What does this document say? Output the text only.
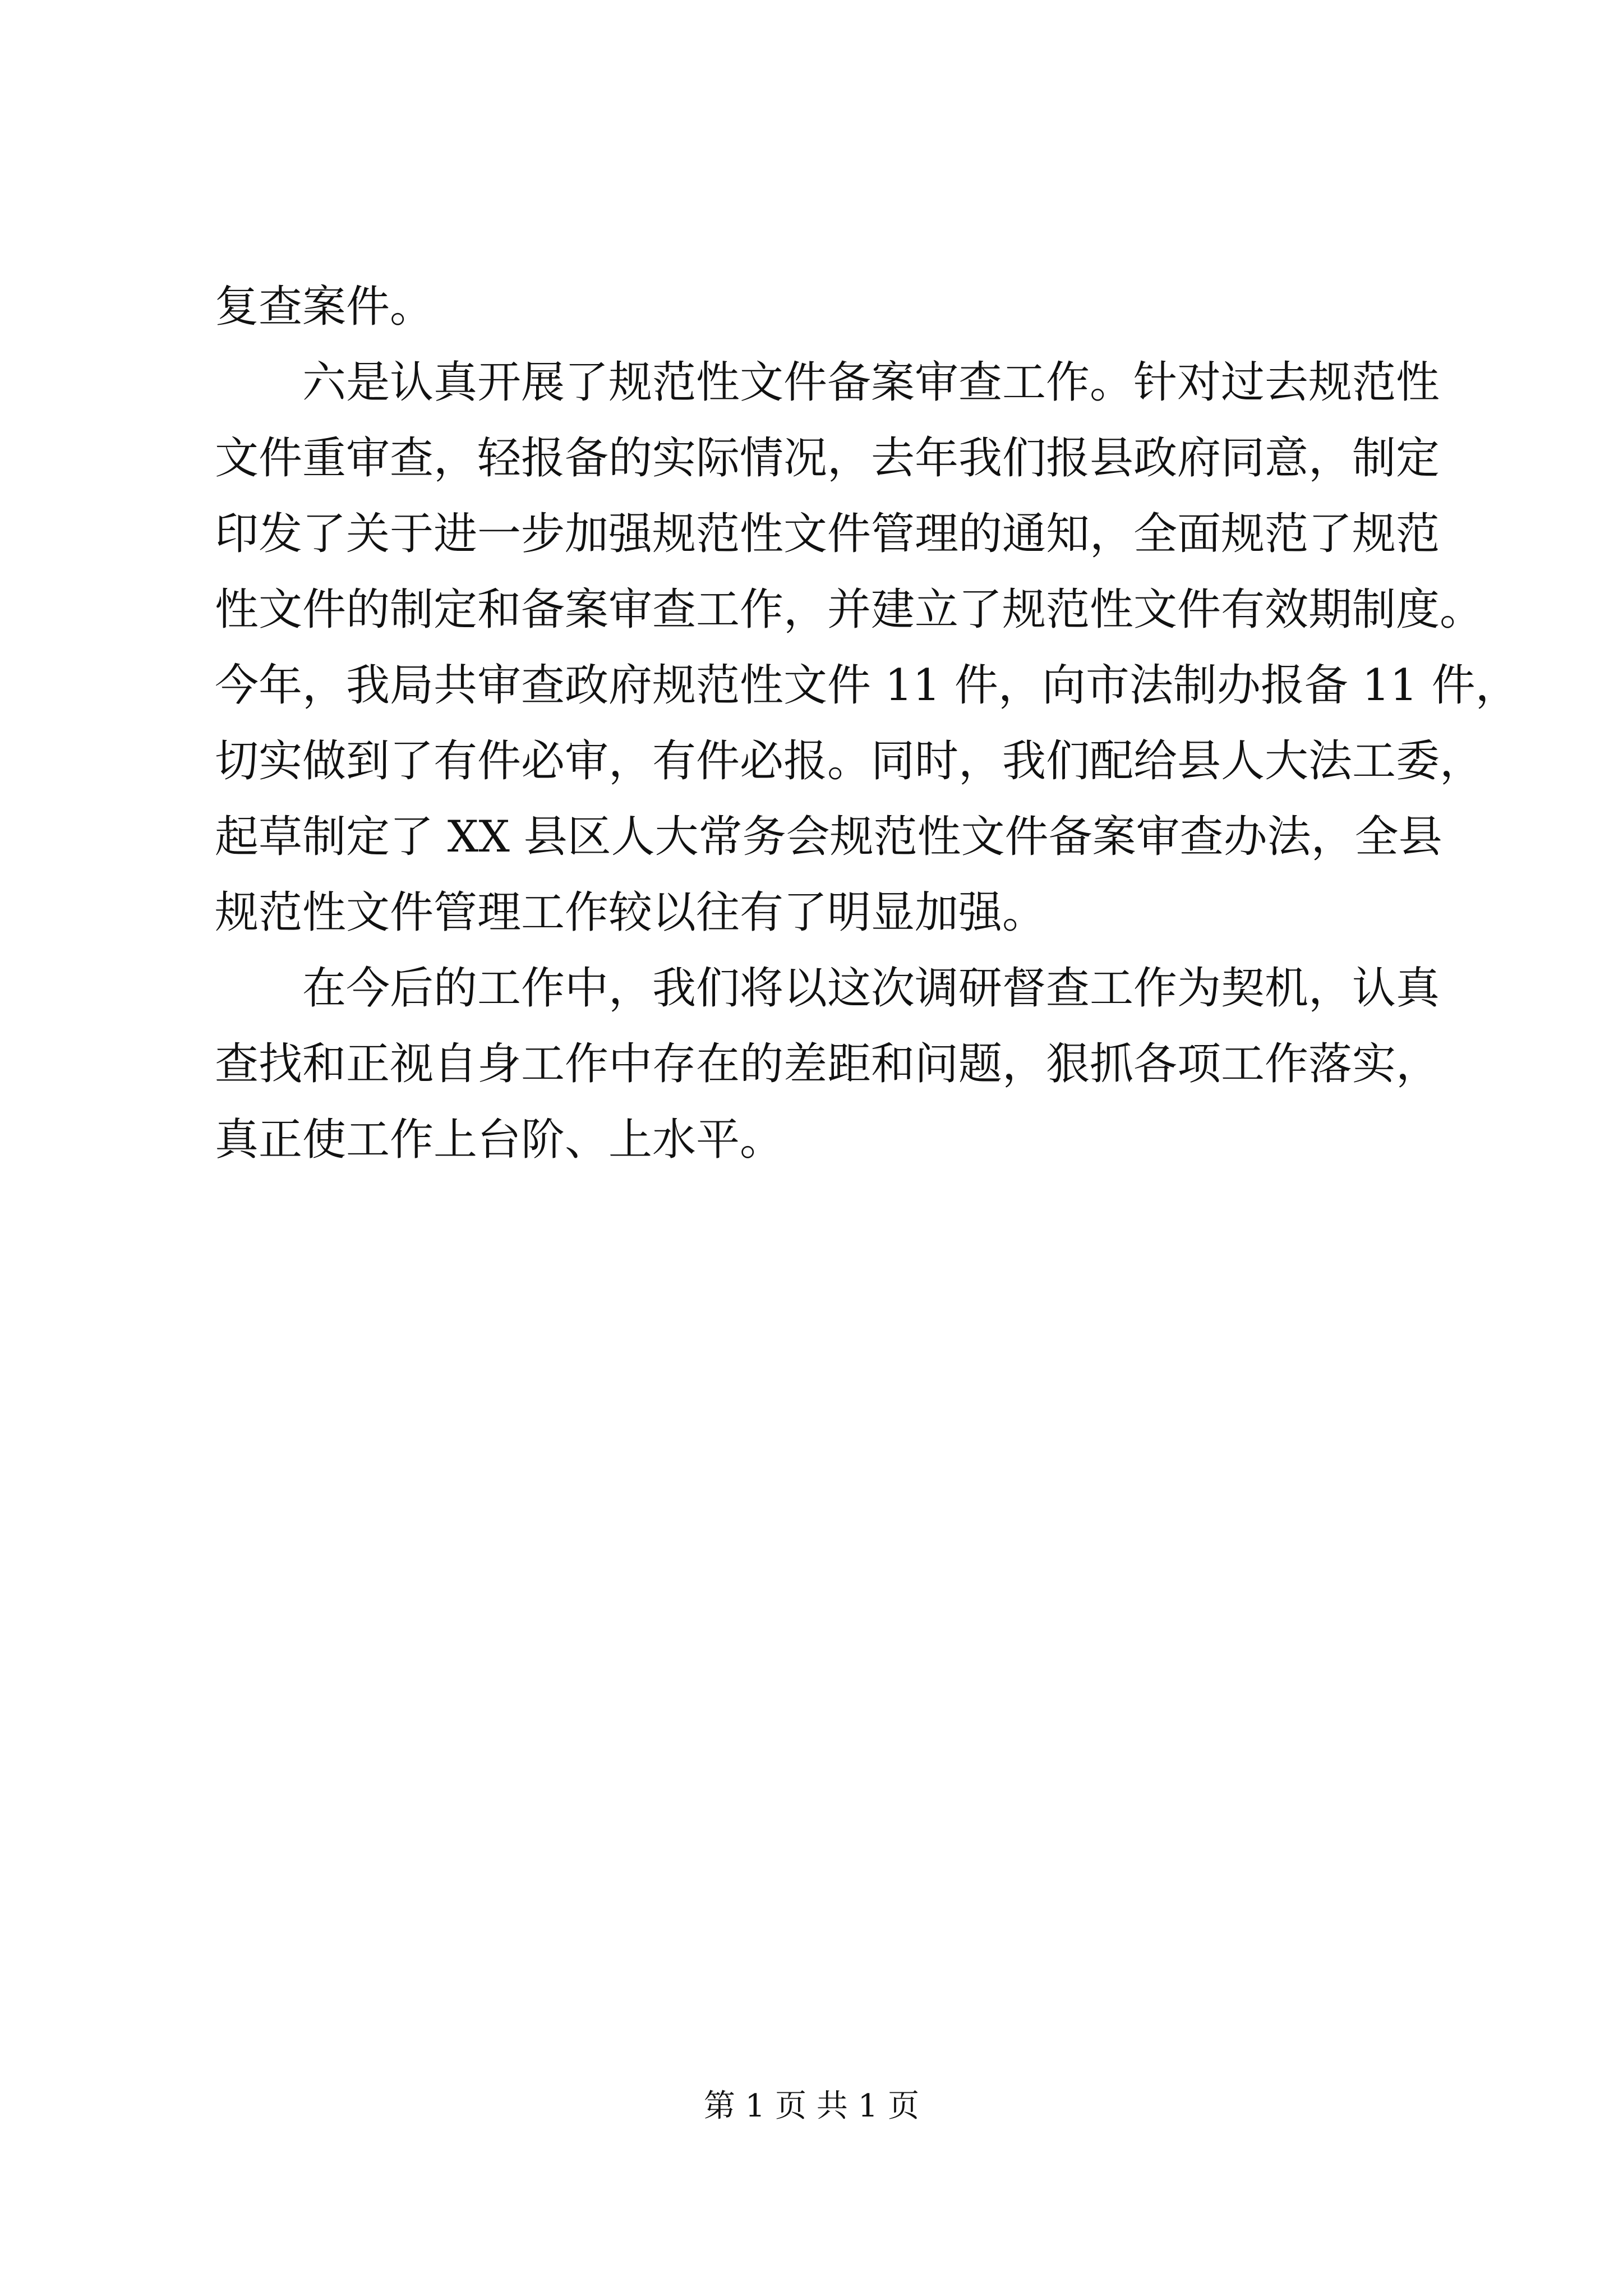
复查案件。
六是认真开展了规范性文件备案审查工作。针对过去规范性
文件重审查，轻报备的实际情况，去年我们报县政府同意，制定
印发了关于进一步加强规范性文件管理的通知，全面规范了规范
性文件的制定和备案审查工作，并建立了规范性文件有效期制度。
今年，我局共审查政府规范性文件 11 件，向市法制办报备 11 件，
切实做到了有件必审，有件必报。同时，我们配给县人大法工委，
起草制定了 XX 县区人大常务会规范性文件备案审查办法，全县
规范性文件管理工作较以往有了明显加强。
在今后的工作中，我们将以这次调研督查工作为契机，认真
查找和正视自身工作中存在的差距和问题，狠抓各项工作落实，
真正使工作上台阶、上水平。
第 1 页 共 1 页
